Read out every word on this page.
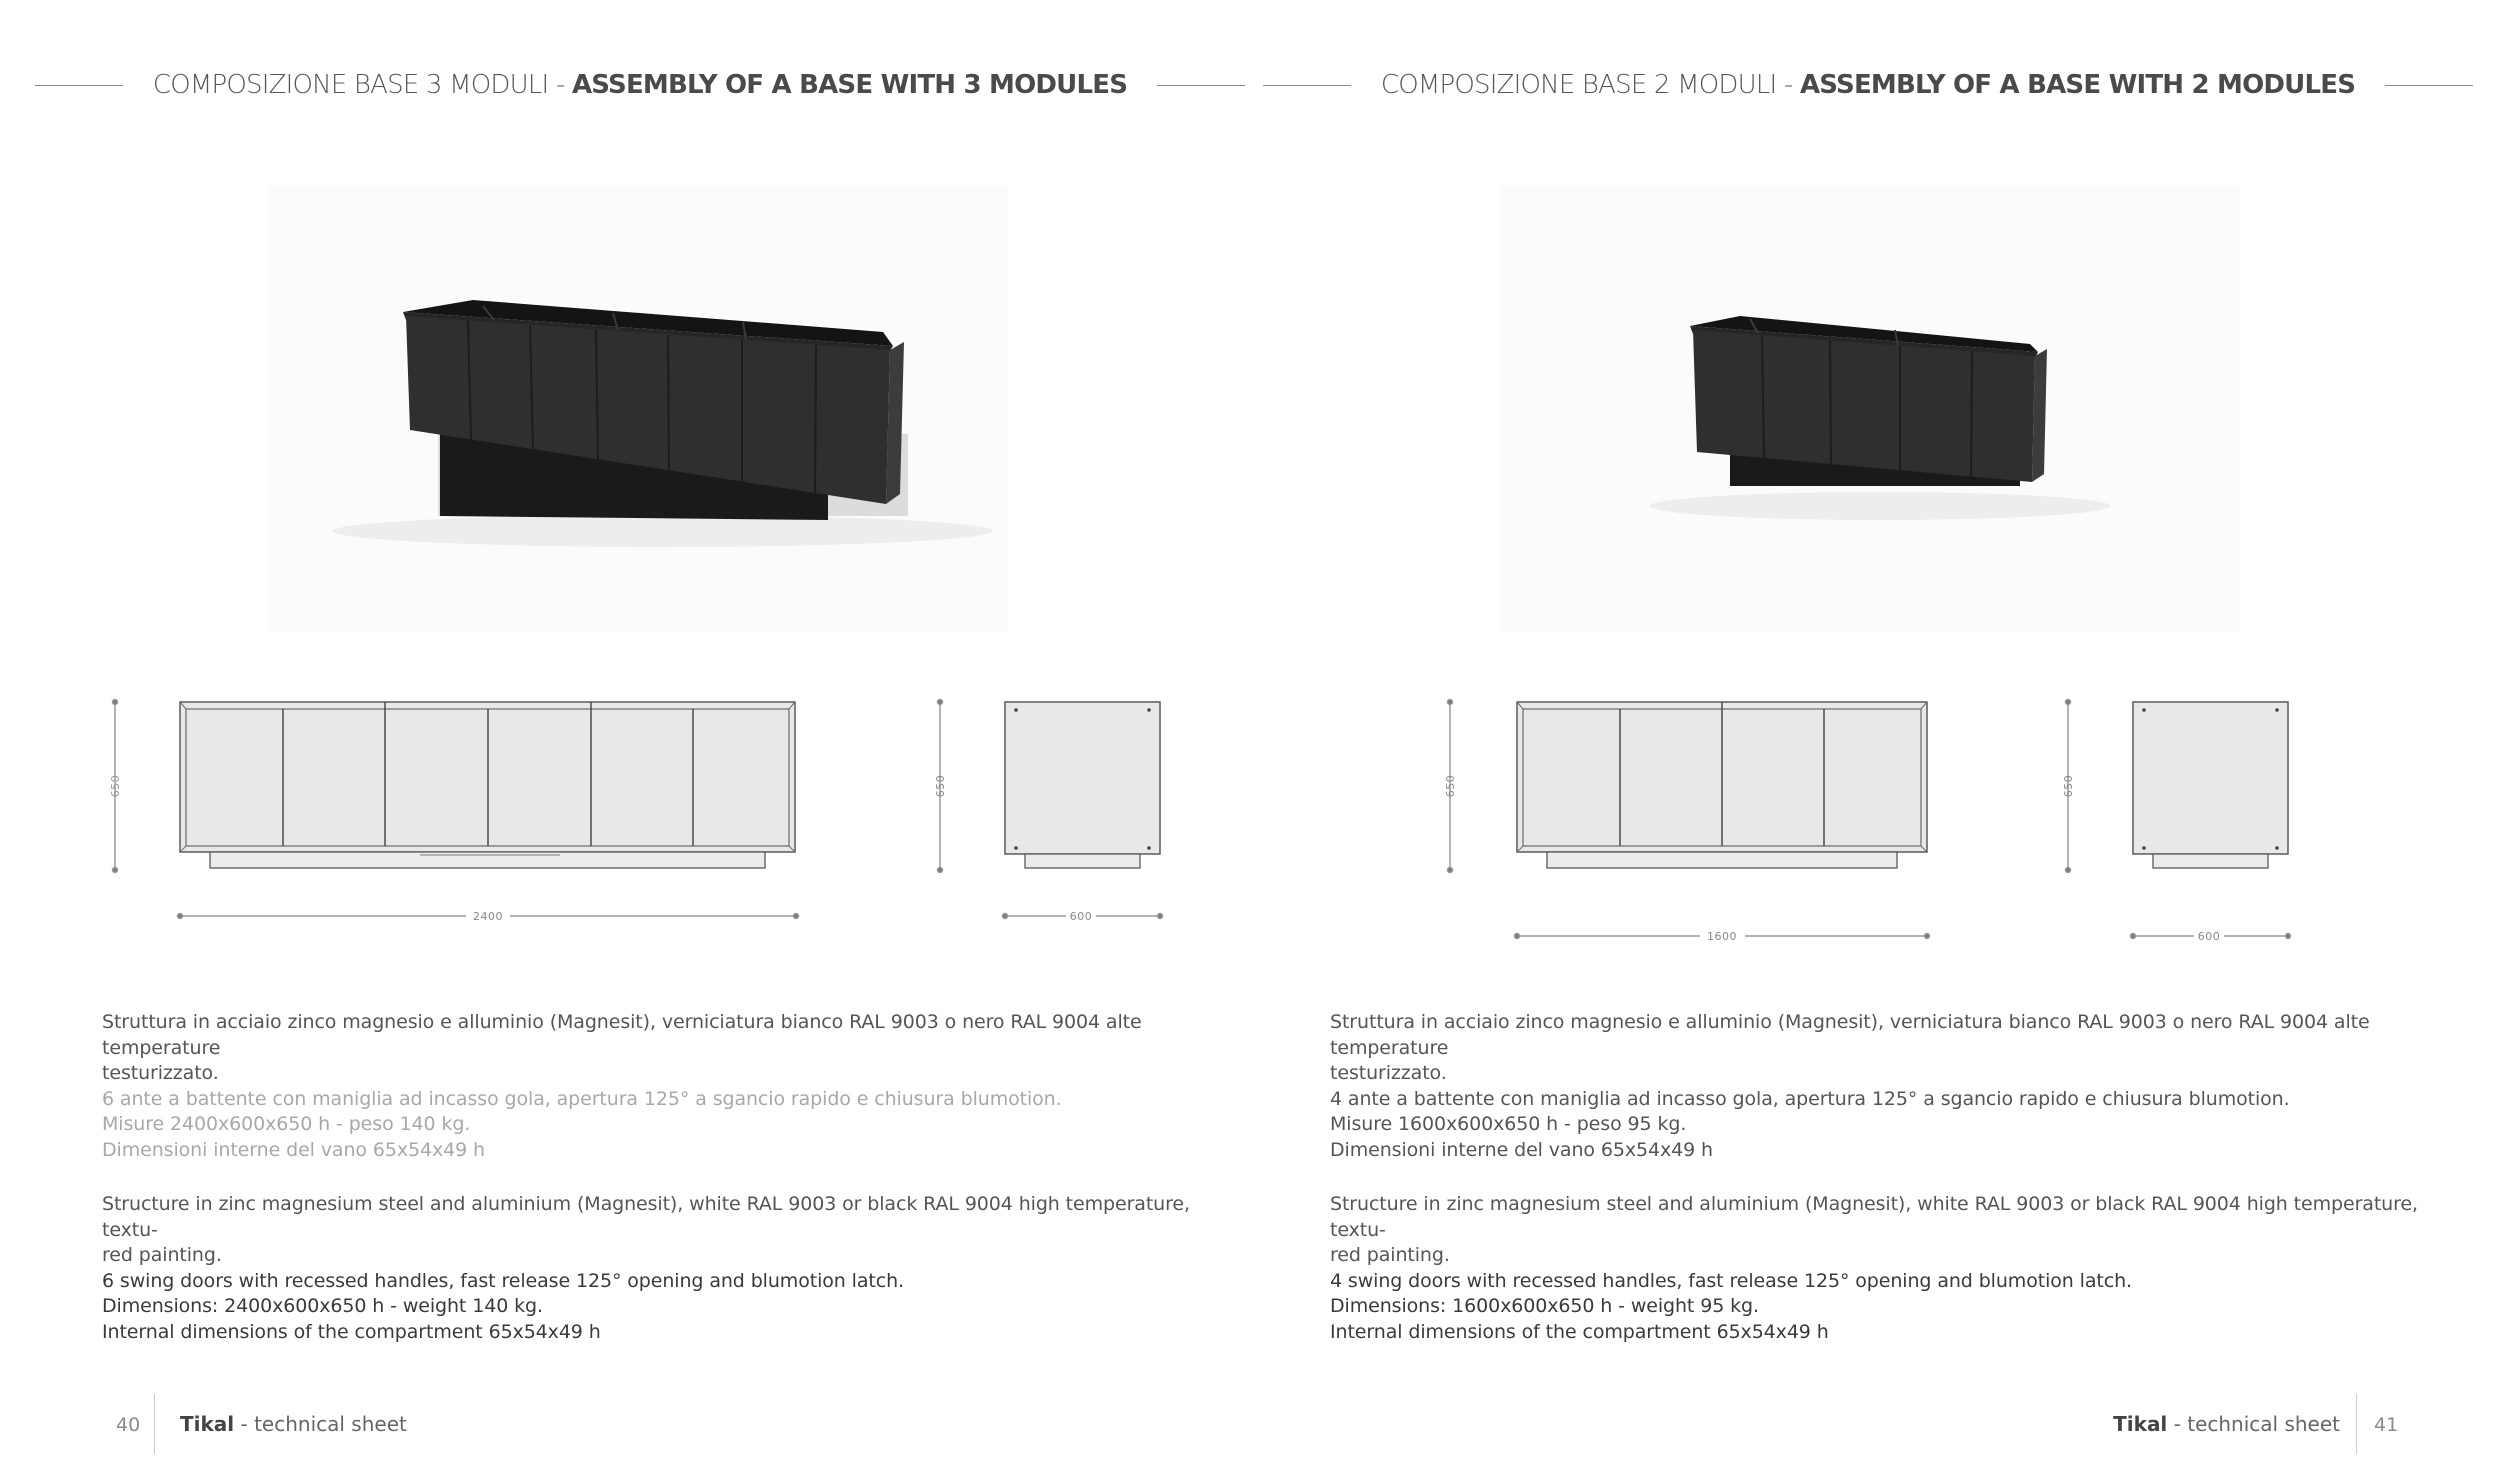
COMPOSIZIONE BASE 3 MODULI - ASSEMBLY OF A BASE WITH 3 MODULES
650
2400
650
600

Struttura in acciaio zinco magnesio e alluminio (Magnesit), verniciatura bianco RAL 9003 o nero RAL 9004 alte temperature

testurizzato.

6 ante a battente con maniglia ad incasso gola, apertura 125° a sgancio rapido e chiusura blumotion.

Misure 2400x600x650 h - peso 140 kg.

Dimensioni interne del vano 65x54x49 h

Structure in zinc magnesium steel and aluminium (Magnesit), white RAL 9003 or black RAL 9004 high temperature, textu-

red painting.

6 swing doors with recessed handles, fast release 125° opening and blumotion latch.

Dimensions: 2400x600x650 h - weight 140 kg.

Internal dimensions of the compartment 65x54x49 h

40 Tikal - technical sheet
COMPOSIZIONE BASE 2 MODULI - ASSEMBLY OF A BASE WITH 2 MODULES
650
1600
650
600

Struttura in acciaio zinco magnesio e alluminio (Magnesit), verniciatura bianco RAL 9003 o nero RAL 9004 alte temperature

testurizzato.

4 ante a battente con maniglia ad incasso gola, apertura 125° a sgancio rapido e chiusura blumotion.

Misure 1600x600x650 h - peso 95 kg.

Dimensioni interne del vano 65x54x49 h

Structure in zinc magnesium steel and aluminium (Magnesit), white RAL 9003 or black RAL 9004 high temperature, textu-

red painting.

4 swing doors with recessed handles, fast release 125° opening and blumotion latch.

Dimensions: 1600x600x650 h - weight 95 kg.

Internal dimensions of the compartment 65x54x49 h

Tikal - technical sheet 41
